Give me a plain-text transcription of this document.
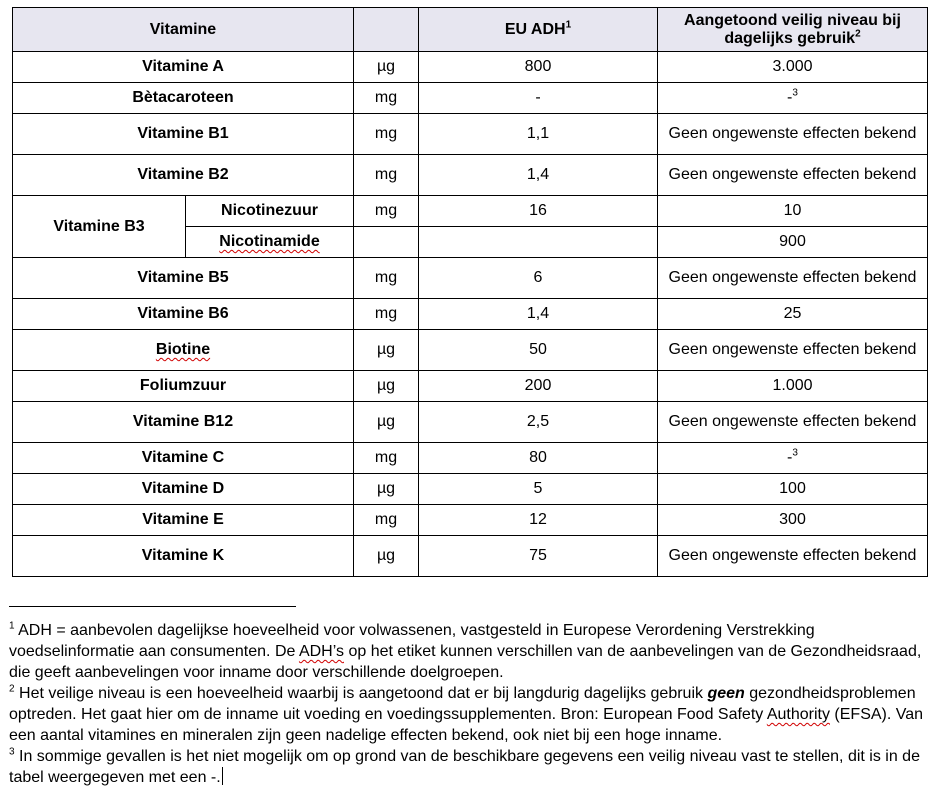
Vitamine			EU ADH$^1$	Aangetoond veilig niveau bij dagelijks gebruik$^2$
Vitamine A		µg	800	3.000
Bètacaroteen		mg	-	-$^3$
Vitamine B1		mg	1,1	Geen ongewenste effecten bekend
Vitamine B2		mg	1,4	Geen ongewenste effecten bekend
Vitamine B3	Nicotinezuur	mg	16	10
	Nicotinamide			900
Vitamine B5		mg	6	Geen ongewenste effecten bekend
Vitamine B6		mg	1,4	25
Biotine		µg	50	Geen ongewenste effecten bekend
Foliumzuur		µg	200	1.000
Vitamine B12		µg	2,5	Geen ongewenste effecten bekend
Vitamine C		mg	80	-$^3$
Vitamine D		µg	5	100
Vitamine E		mg	12	300
Vitamine K		µg	75	Geen ongewenste effecten bekend

$^1$ ADH = aanbevolen dagelijkse hoeveelheid voor volwassenen, vastgesteld in Europese Verordening Verstrekking voedselinformatie aan consumenten. De ADH’s op het etiket kunnen verschillen van de aanbevelingen van de Gezondheidsraad, die geeft aanbevelingen voor inname door verschillende doelgroepen.

$^2$ Het veilige niveau is een hoeveelheid waarbij is aangetoond dat er bij langdurig dagelijks gebruik geen gezondheidsproblemen optreden. Het gaat hier om de inname uit voeding en voedingssupplementen. Bron: European Food Safety Authority (EFSA). Van een aantal vitamines en mineralen zijn geen nadelige effecten bekend, ook niet bij een hoge inname.

$^3$ In sommige gevallen is het niet mogelijk om op grond van de beschikbare gegevens een veilig niveau vast te stellen, dit is in de tabel weergegeven met een -.
